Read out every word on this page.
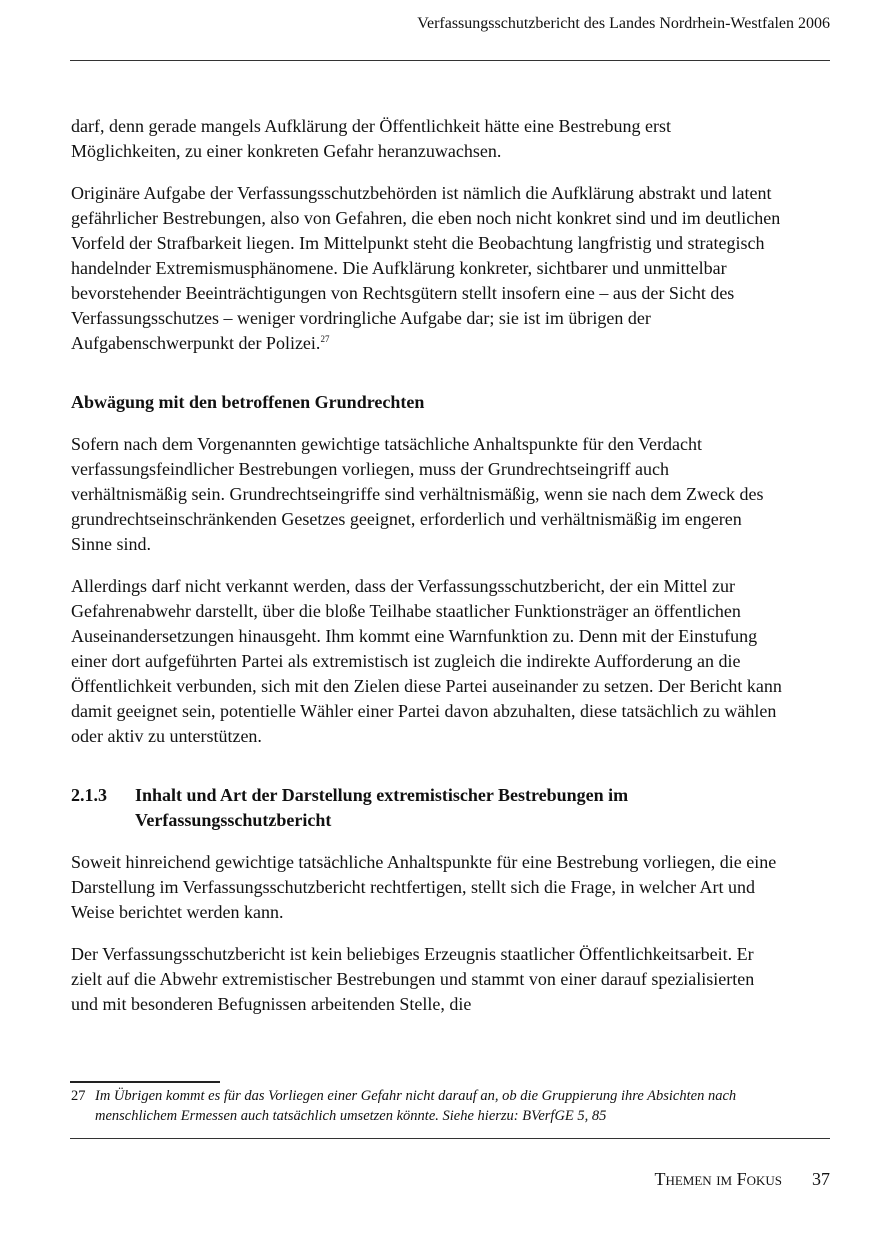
Verfassungsschutzbericht des Landes Nordrhein-Westfalen 2006

darf, denn gerade mangels Aufklärung der Öffentlichkeit hätte eine Bestrebung erst Möglichkeiten, zu einer konkreten Gefahr heranzuwachsen.

Originäre Aufgabe der Verfassungsschutzbehörden ist nämlich die Aufklärung abstrakt und latent gefährlicher Bestrebungen, also von Gefahren, die eben noch nicht konkret sind und im deutlichen Vorfeld der Strafbarkeit liegen. Im Mittelpunkt steht die Beobachtung langfristig und strategisch handelnder Extremismusphänomene. Die Aufklärung konkreter, sichtbarer und unmittelbar bevorstehender Beeinträchtigungen von Rechtsgütern stellt insofern eine – aus der Sicht des Verfassungsschutzes – weniger vordringliche Aufgabe dar; sie ist im übrigen der Aufgabenschwerpunkt der Polizei.$^{27}$

Abwägung mit den betroffenen Grundrechten

Sofern nach dem Vorgenannten gewichtige tatsächliche Anhaltspunkte für den Verdacht verfassungsfeindlicher Bestrebungen vorliegen, muss der Grundrechtseingriff auch verhältnismäßig sein. Grundrechtseingriffe sind verhältnismäßig, wenn sie nach dem Zweck des grundrechtseinschränkenden Gesetzes geeignet, erforderlich und verhältnismäßig im engeren Sinne sind.

Allerdings darf nicht verkannt werden, dass der Verfassungsschutzbericht, der ein Mittel zur Gefahrenabwehr darstellt, über die bloße Teilhabe staatlicher Funktionsträger an öffentlichen Auseinandersetzungen hinausgeht. Ihm kommt eine Warnfunktion zu. Denn mit der Einstufung einer dort aufgeführten Partei als extremistisch ist zugleich die indirekte Aufforderung an die Öffentlichkeit verbunden, sich mit den Zielen diese Partei auseinander zu setzen. Der Bericht kann damit geeignet sein, potentielle Wähler einer Partei davon abzuhalten, diese tatsächlich zu wählen oder aktiv zu unterstützen.

2.1.3	Inhalt und Art der Darstellung extremistischer Bestrebungen im Verfassungsschutzbericht

Soweit hinreichend gewichtige tatsächliche Anhaltspunkte für eine Bestrebung vorliegen, die eine Darstellung im Verfassungsschutzbericht rechtfertigen, stellt sich die Frage, in welcher Art und Weise berichtet werden kann.

Der Verfassungsschutzbericht ist kein beliebiges Erzeugnis staatlicher Öffentlichkeitsarbeit. Er zielt auf die Abwehr extremistischer Bestrebungen und stammt von einer darauf spezialisierten und mit besonderen Befugnissen arbeitenden Stelle, die

27 Im Übrigen kommt es für das Vorliegen einer Gefahr nicht darauf an, ob die Gruppierung ihre Absichten nach menschlichem Ermessen auch tatsächlich umsetzen könnte. Siehe hierzu: BVerfGE 5, 85
Themen im Fokus 37
